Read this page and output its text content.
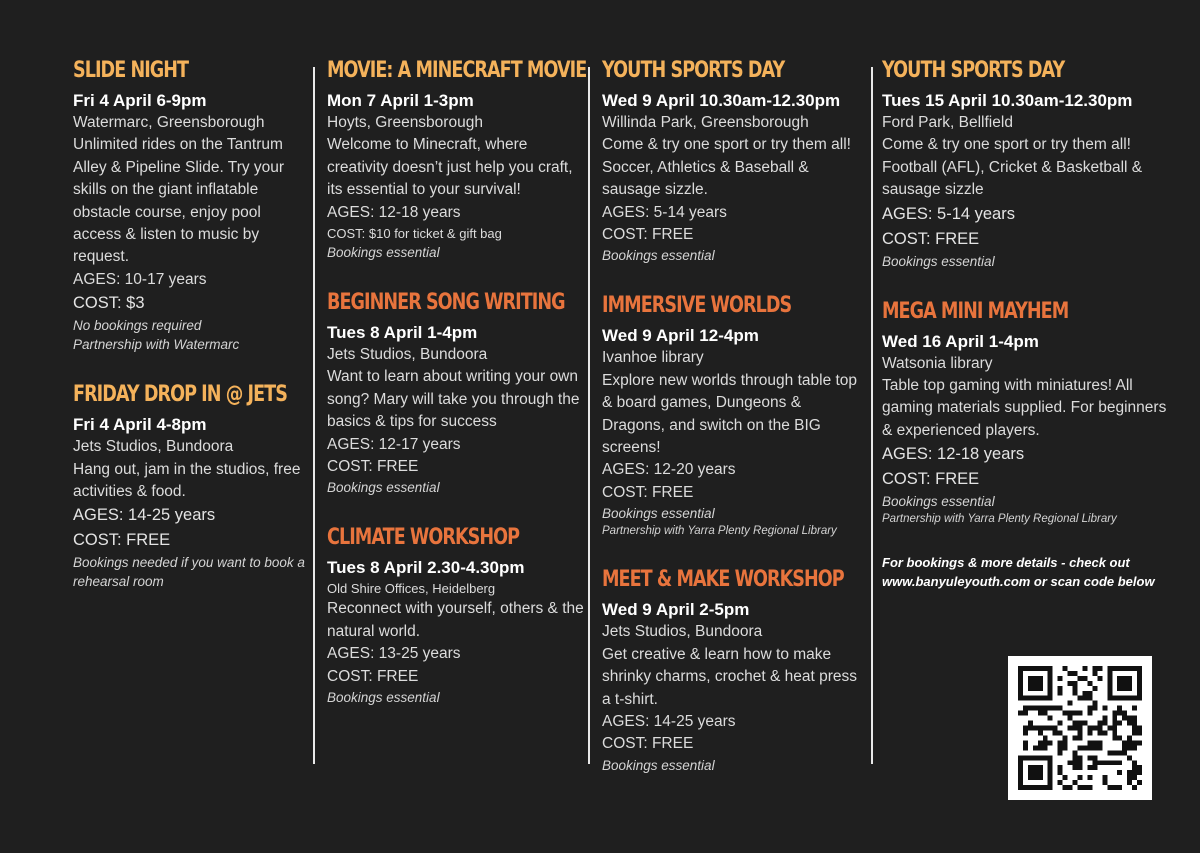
SLIDE NIGHT
Fri 4 April 6-9pm
Watermarc, Greensborough
Unlimited rides on the Tantrum Alley & Pipeline Slide. Try your skills on the giant inflatable obstacle course, enjoy pool access & listen to music by request.
AGES: 10-17 years
COST: $3
No bookings required
Partnership with Watermarc
FRIDAY DROP IN @ JETS
Fri 4 April 4-8pm
Jets Studios, Bundoora
Hang out, jam in the studios, free activities & food.
AGES: 14-25 years
COST: FREE
Bookings needed if you want to book a rehearsal room
MOVIE: A MINECRAFT MOVIE
Mon 7 April 1-3pm
Hoyts, Greensborough
Welcome to Minecraft, where creativity doesn’t just help you craft, its essential to your survival!
AGES: 12-18 years
COST: $10 for ticket & gift bag
Bookings essential
BEGINNER SONG WRITING
Tues 8 April 1-4pm
Jets Studios, Bundoora
Want to learn about writing your own song? Mary will take you through the basics & tips for success
AGES: 12-17 years
COST: FREE
Bookings essential
CLIMATE WORKSHOP
Tues 8 April 2.30-4.30pm
Old Shire Offices, Heidelberg
Reconnect with yourself, others & the natural world.
AGES: 13-25 years
COST: FREE
Bookings essential
YOUTH SPORTS DAY
Wed 9 April 10.30am-12.30pm
Willinda Park, Greensborough
Come & try one sport or try them all! Soccer, Athletics & Baseball & sausage sizzle.
AGES: 5-14 years
COST: FREE
Bookings essential
IMMERSIVE WORLDS
Wed 9 April 12-4pm
Ivanhoe library
Explore new worlds through table top & board games, Dungeons & Dragons, and switch on the BIG screens!
AGES: 12-20 years
COST: FREE
Bookings essential
Partnership with Yarra Plenty Regional Library
MEET & MAKE WORKSHOP
Wed 9 April 2-5pm
Jets Studios, Bundoora
Get creative & learn how to make shrinky charms, crochet & heat press a t-shirt.
AGES: 14-25 years
COST: FREE
Bookings essential
YOUTH SPORTS DAY
Tues 15 April 10.30am-12.30pm
Ford Park, Bellfield
Come & try one sport or try them all! Football (AFL), Cricket & Basketball & sausage sizzle
AGES: 5-14 years
COST: FREE
Bookings essential
MEGA MINI MAYHEM
Wed 16 April 1-4pm
Watsonia library
Table top gaming with miniatures! All gaming materials supplied. For beginners & experienced players.
AGES: 12-18 years
COST: FREE
Bookings essential
Partnership with Yarra Plenty Regional Library
For bookings & more details - check out www.banyuleyouth.com or scan code below
